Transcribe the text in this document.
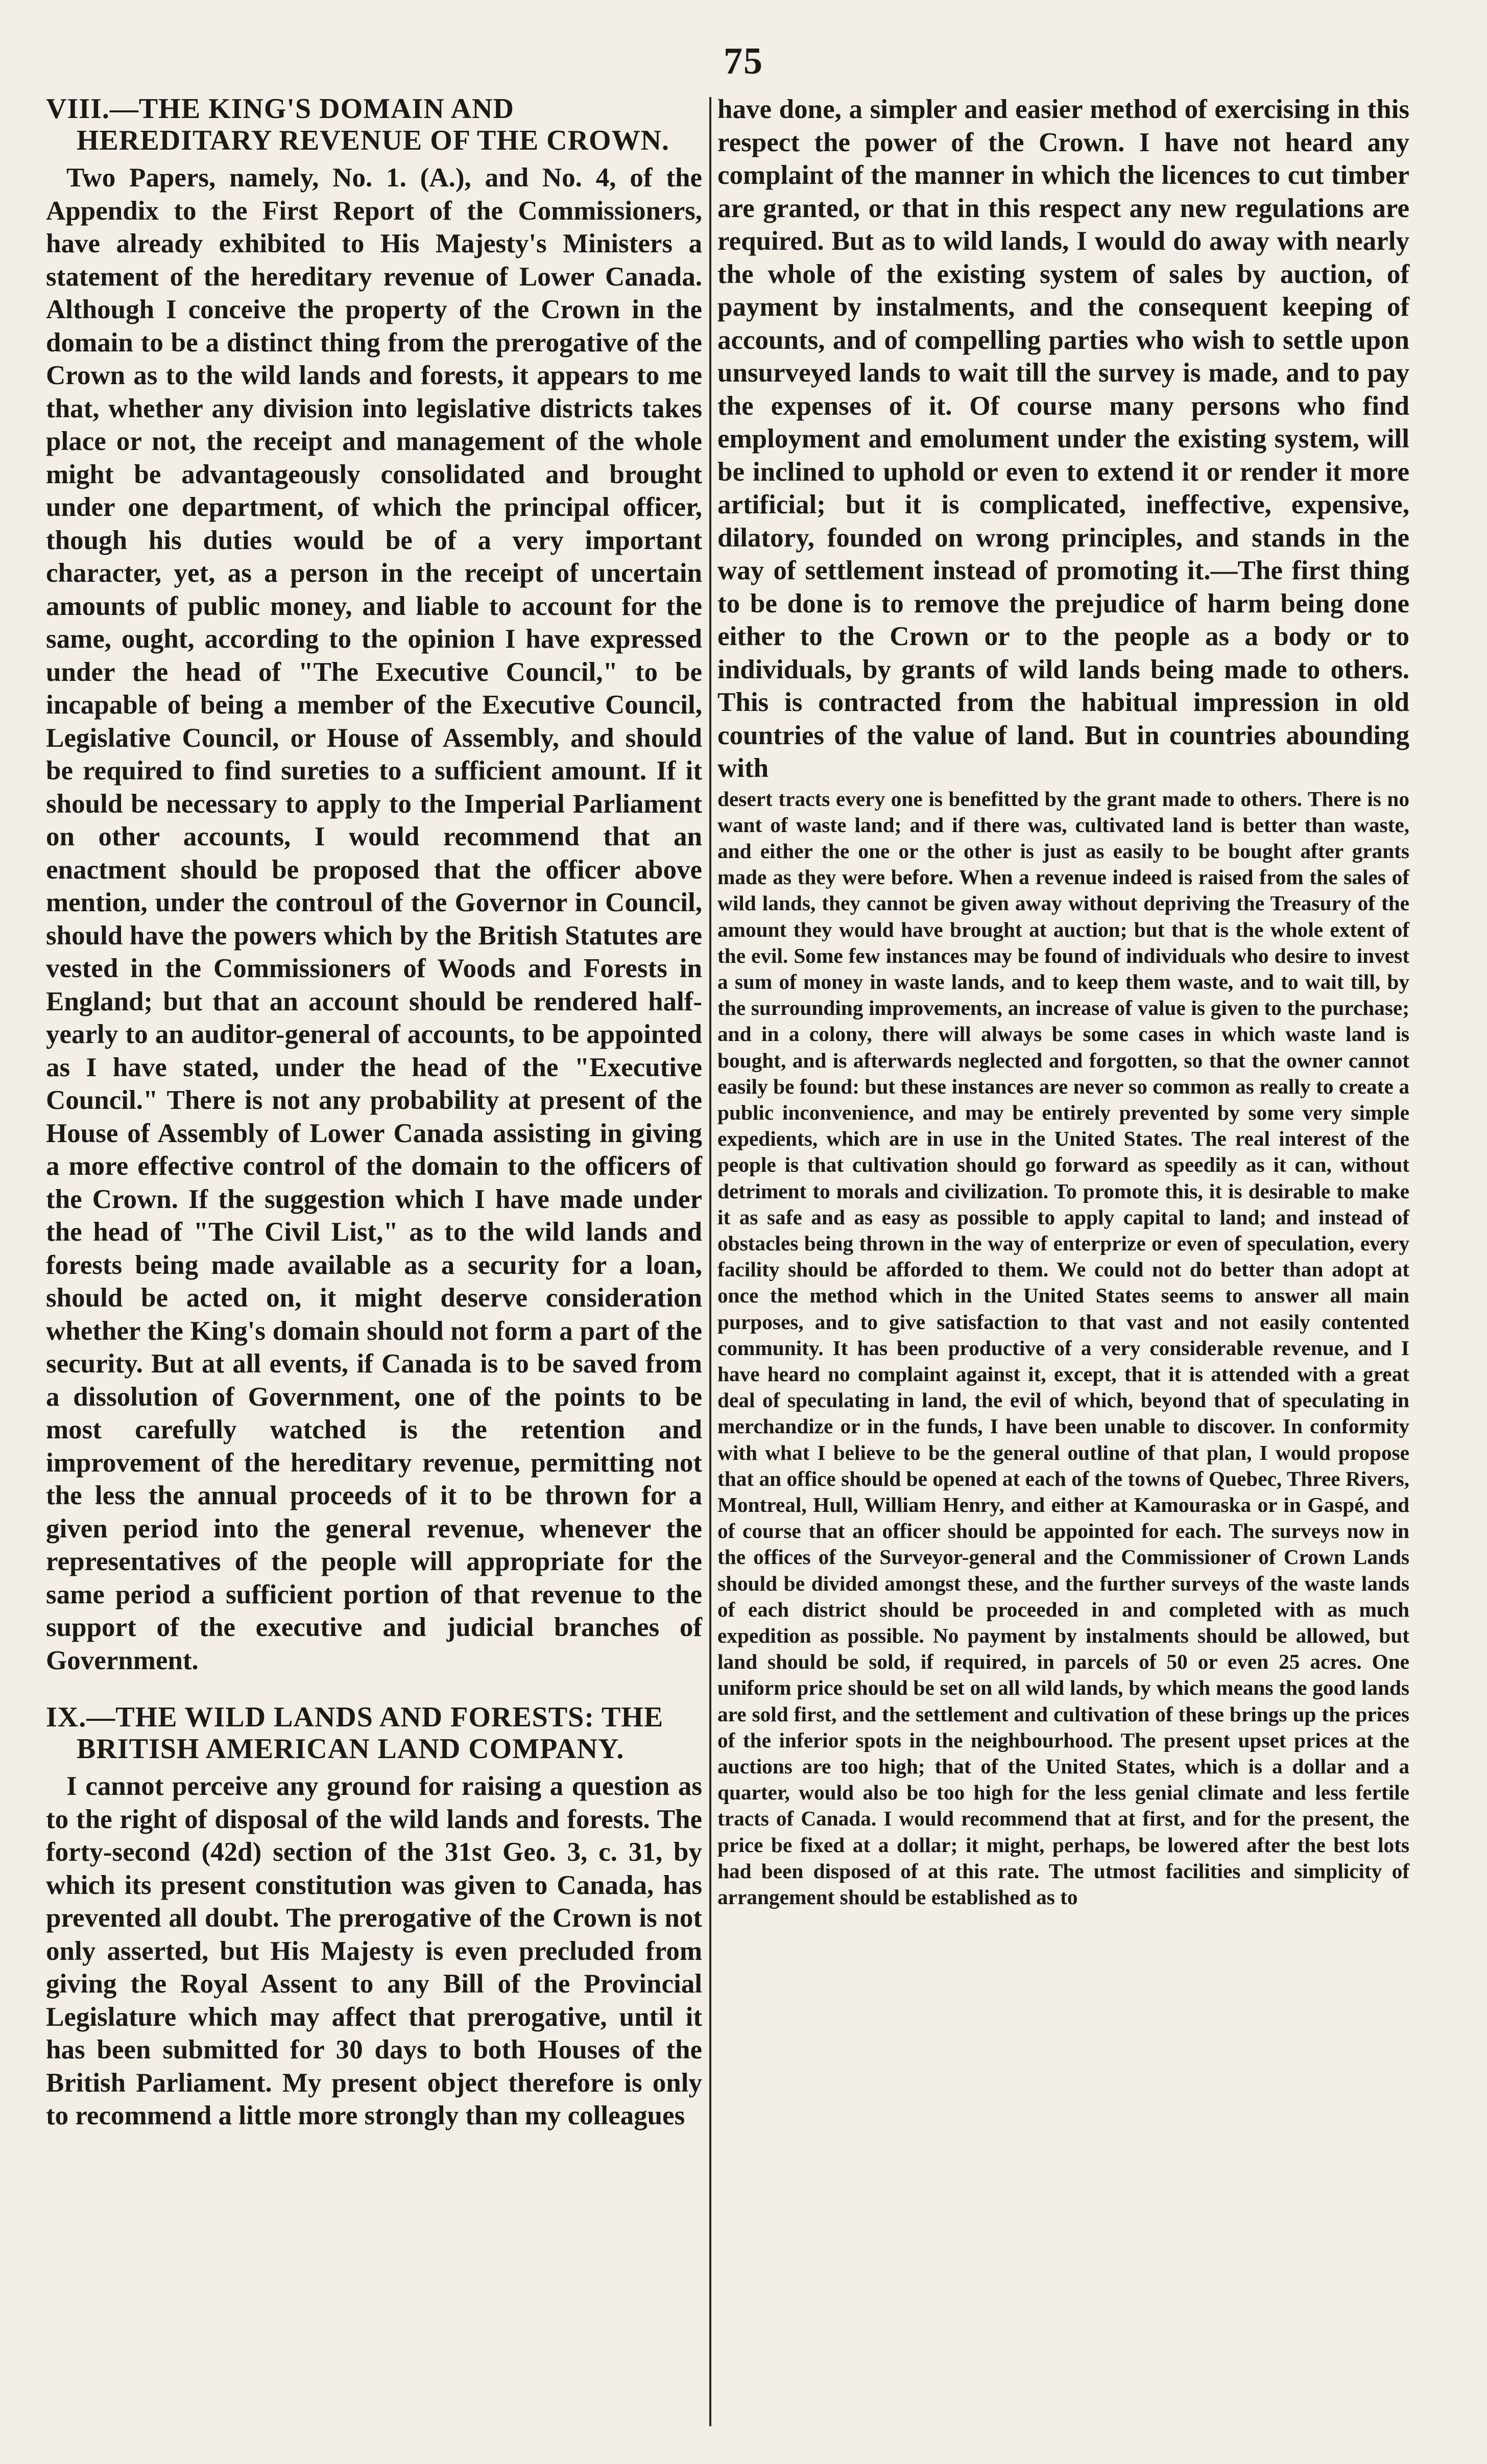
75
VIII.—THE KING'S DOMAIN AND HEREDITARY REVENUE OF THE CROWN.

Two Papers, namely, No. 1. (A.), and No. 4, of the Appendix to the First Report of the Commissioners, have already exhibited to His Majesty's Ministers a statement of the hereditary revenue of Lower Canada. Although I conceive the property of the Crown in the domain to be a distinct thing from the prerogative of the Crown as to the wild lands and forests, it appears to me that, whether any division into legislative districts takes place or not, the receipt and management of the whole might be advantageously consolidated and brought under one department, of which the principal officer, though his duties would be of a very important character, yet, as a person in the receipt of uncertain amounts of public money, and liable to account for the same, ought, according to the opinion I have expressed under the head of "The Executive Council," to be incapable of being a member of the Executive Council, Legislative Council, or House of Assembly, and should be required to find sureties to a sufficient amount. If it should be necessary to apply to the Imperial Parliament on other accounts, I would recommend that an enactment should be proposed that the officer above mention, under the controul of the Governor in Council, should have the powers which by the British Statutes are vested in the Commissioners of Woods and Forests in England; but that an account should be rendered half-yearly to an auditor-general of accounts, to be appointed as I have stated, under the head of the "Executive Council." There is not any probability at present of the House of Assembly of Lower Canada assisting in giving a more effective control of the domain to the officers of the Crown. If the suggestion which I have made under the head of "The Civil List," as to the wild lands and forests being made available as a security for a loan, should be acted on, it might deserve consideration whether the King's domain should not form a part of the security. But at all events, if Canada is to be saved from a dissolution of Government, one of the points to be most carefully watched is the retention and improvement of the hereditary revenue, permitting not the less the annual proceeds of it to be thrown for a given period into the general revenue, whenever the representatives of the people will appropriate for the same period a sufficient portion of that revenue to the support of the executive and judicial branches of Government.

IX.—THE WILD LANDS AND FORESTS: THE BRITISH AMERICAN LAND COMPANY.

I cannot perceive any ground for raising a question as to the right of disposal of the wild lands and forests. The forty-second (42d) section of the 31st Geo. 3, c. 31, by which its present constitution was given to Canada, has prevented all doubt. The prerogative of the Crown is not only asserted, but His Majesty is even precluded from giving the Royal Assent to any Bill of the Provincial Legislature which may affect that prerogative, until it has been submitted for 30 days to both Houses of the British Parliament. My present object therefore is only to recommend a little more strongly than my colleagues

have done, a simpler and easier method of exercising in this respect the power of the Crown. I have not heard any complaint of the manner in which the licences to cut timber are granted, or that in this respect any new regulations are required. But as to wild lands, I would do away with nearly the whole of the existing system of sales by auction, of payment by instalments, and the consequent keeping of accounts, and of compelling parties who wish to settle upon unsurveyed lands to wait till the survey is made, and to pay the expenses of it. Of course many persons who find employment and emolument under the existing system, will be inclined to uphold or even to extend it or render it more artificial; but it is complicated, ineffective, expensive, dilatory, founded on wrong principles, and stands in the way of settlement instead of promoting it.—The first thing to be done is to remove the prejudice of harm being done either to the Crown or to the people as a body or to individuals, by grants of wild lands being made to others. This is contracted from the habitual impression in old countries of the value of land. But in countries abounding with

desert tracts every one is benefitted by the grant made to others. There is no want of waste land; and if there was, cultivated land is better than waste, and either the one or the other is just as easily to be bought after grants made as they were before. When a revenue indeed is raised from the sales of wild lands, they cannot be given away without depriving the Treasury of the amount they would have brought at auction; but that is the whole extent of the evil. Some few instances may be found of individuals who desire to invest a sum of money in waste lands, and to keep them waste, and to wait till, by the surrounding improvements, an increase of value is given to the purchase; and in a colony, there will always be some cases in which waste land is bought, and is afterwards neglected and forgotten, so that the owner cannot easily be found: but these instances are never so common as really to create a public inconvenience, and may be entirely prevented by some very simple expedients, which are in use in the United States. The real interest of the people is that cultivation should go forward as speedily as it can, without detriment to morals and civilization. To promote this, it is desirable to make it as safe and as easy as possible to apply capital to land; and instead of obstacles being thrown in the way of enterprize or even of speculation, every facility should be afforded to them. We could not do better than adopt at once the method which in the United States seems to answer all main purposes, and to give satisfaction to that vast and not easily contented community. It has been productive of a very considerable revenue, and I have heard no complaint against it, except, that it is attended with a great deal of speculating in land, the evil of which, beyond that of speculating in merchandize or in the funds, I have been unable to discover. In conformity with what I believe to be the general outline of that plan, I would propose that an office should be opened at each of the towns of Quebec, Three Rivers, Montreal, Hull, William Henry, and either at Kamouraska or in Gaspé, and of course that an officer should be appointed for each. The surveys now in the offices of the Surveyor-general and the Commissioner of Crown Lands should be divided amongst these, and the further surveys of the waste lands of each district should be proceeded in and completed with as much expedition as possible. No payment by instalments should be allowed, but land should be sold, if required, in parcels of 50 or even 25 acres. One uniform price should be set on all wild lands, by which means the good lands are sold first, and the settlement and cultivation of these brings up the prices of the inferior spots in the neighbourhood. The present upset prices at the auctions are too high; that of the United States, which is a dollar and a quarter, would also be too high for the less genial climate and less fertile tracts of Canada. I would recommend that at first, and for the present, the price be fixed at a dollar; it might, perhaps, be lowered after the best lots had been disposed of at this rate. The utmost facilities and simplicity of arrangement should be established as to
